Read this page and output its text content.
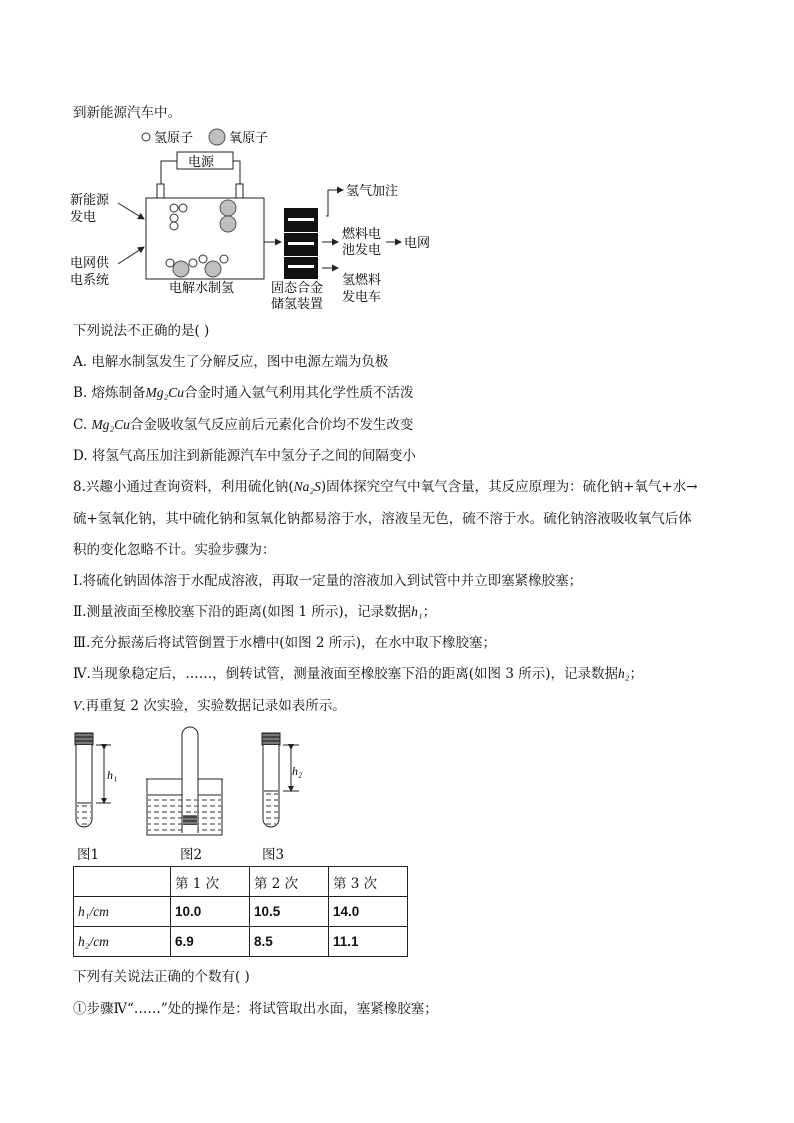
到新能源汽车中。
氢原子	氧原子
电源
电解水制氢
新能源
发电
电网供
电系统
固态合金
储氢装置
氢气加注
燃料电
池发电 电网
氢燃料
发电车
下列说法不正确的是( )
A. 电解水制氢发生了分解反应，图中电源左端为负极
B. 熔炼制备Mg₂Cu合金时通入氩气利用其化学性质不活泼
C. Mg₂Cu合金吸收氢气反应前后元素化合价均不发生改变
D. 将氢气高压加注到新能源汽车中氢分子之间的间隔变小
8.兴趣小通过查询资料，利用硫化钠(Na₂S)固体探究空气中氧气含量，其反应原理为：硫化钠+氧气+水→
硫+氢氧化钠，其中硫化钠和氢氧化钠都易溶于水，溶液呈无色，硫不溶于水。硫化钠溶液吸收氧气后体
积的变化忽略不计。实验步骤为：
Ⅰ.将硫化钠固体溶于水配成溶液，再取一定量的溶液加入到试管中并立即塞紧橡胶塞；
Ⅱ.测量液面至橡胶塞下沿的距离(如图 1 所示)，记录数据h₁；
Ⅲ.充分振荡后将试管倒置于水槽中(如图 2 所示)，在水中取下橡胶塞；
Ⅳ.当现象稳定后，……，倒转试管，测量液面至橡胶塞下沿的距离(如图 3 所示)，记录数据h₂；
V.再重复 2 次实验，实验数据记录如表所示。
h₁	h₂
图1	图2	图3
	第 1 次	第 2 次	第 3 次
h₁/cm	10.0	10.5	14.0
h₂/cm	6.9	8.5	11.1
下列有关说法正确的个数有( )
①步骤Ⅳ“……”处的操作是：将试管取出水面，塞紧橡胶塞；
